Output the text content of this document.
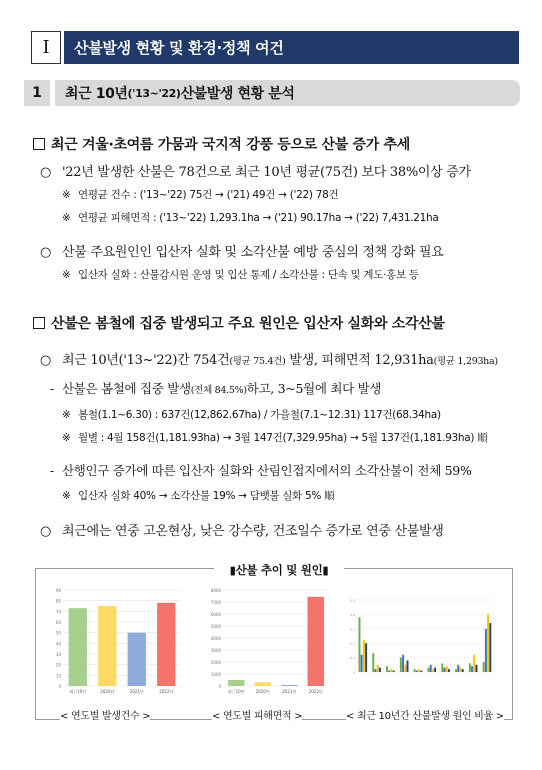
I	산불발생 현황 및 환경·정책 여건
1	최근 10년 ('13~'22) 산불발생 현황 분석
최근 겨울·초여름 가뭄과 국지적 강풍 등으로 산불 증가 추세
○ '22년 발생한 산불은 78건으로 최근 10년 평균(75건) 보다 38%이상 증가
※ 연평균 건수 : ('13~'22) 75건 → ('21) 49건 → ('22) 78건
※ 연평균 피해면적 : ('13~'22) 1,293.1ha → ('21) 90.17ha → ('22) 7,431.21ha
○ 산불 주요원인인 입산자 실화 및 소각산불 예방 중심의 정책 강화 필요
※ 입산자 실화 : 산불감시원 운영 및 입산 통제 / 소각산불 : 단속 및 계도·홍보 등
산불은 봄철에 집중 발생되고 주요 원인은 입산자 실화와 소각산불
○ 최근 10년('13~'22)간 754건(평균 75.4건) 발생, 피해면적 12,931ha(평균 1,293ha)
- 산불은 봄철에 집중 발생(전체 84.5%)하고, 3~5월에 최다 발생
※ 봄철(1.1~6.30) : 637건(12,862.67ha) / 가을철(7.1~12.31) 117건(68.34ha)
※ 월별 : 4월 158건(1,181.93ha) → 3월 147건(7,329.95ha) → 5월 137건(1,181.93ha) 順
- 산행인구 증가에 따른 입산자 실화와 산림인접지에서의 소각산불이 전체 59%
※ 입산자 실화 40% → 소각산불 19% → 담뱃불 실화 5% 順
○ 최근에는 연중 고온현상, 낮은 강수량, 건조일수 증가로 연중 산불발생
▮산불 추이 및 원인▮
0
10
20
30
40
50
60
70
80
90
최근10년	2020년	2021년	2022년
0
1000
2000
3000
4000
5000
6000
7000
8000
최근10년	2020년	2021년	2022년
0
0.1
0.2
0.3
0.4
0.5
< 연도별 발생건수 >	< 연도별 피해면적 >	< 최근 10년간 산불발생 원인 비율 >
